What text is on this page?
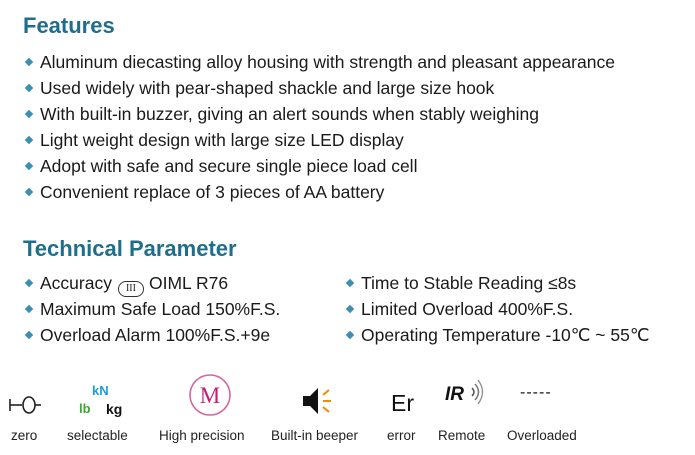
Features
Aluminum diecasting alloy housing with strength and pleasant appearance
Used widely with pear-shaped shackle and large size hook
With built-in buzzer, giving an alert sounds when stably weighing
Light weight design with large size LED display
Adopt with safe and secure single piece load cell
Convenient replace of 3 pieces of AA battery
Technical Parameter
Accuracy III OIML R76
Maximum Safe Load 150%F.S.
Overload Alarm 100%F.S.+9e
Time to Stable Reading ≤8s
Limited Overload 400%F.S.
Operating Temperature -10℃ ~ 55℃
kN
lb kg
M	Er IR	-----
zero selectable High precision Built-in beeper error Remote Overloaded
